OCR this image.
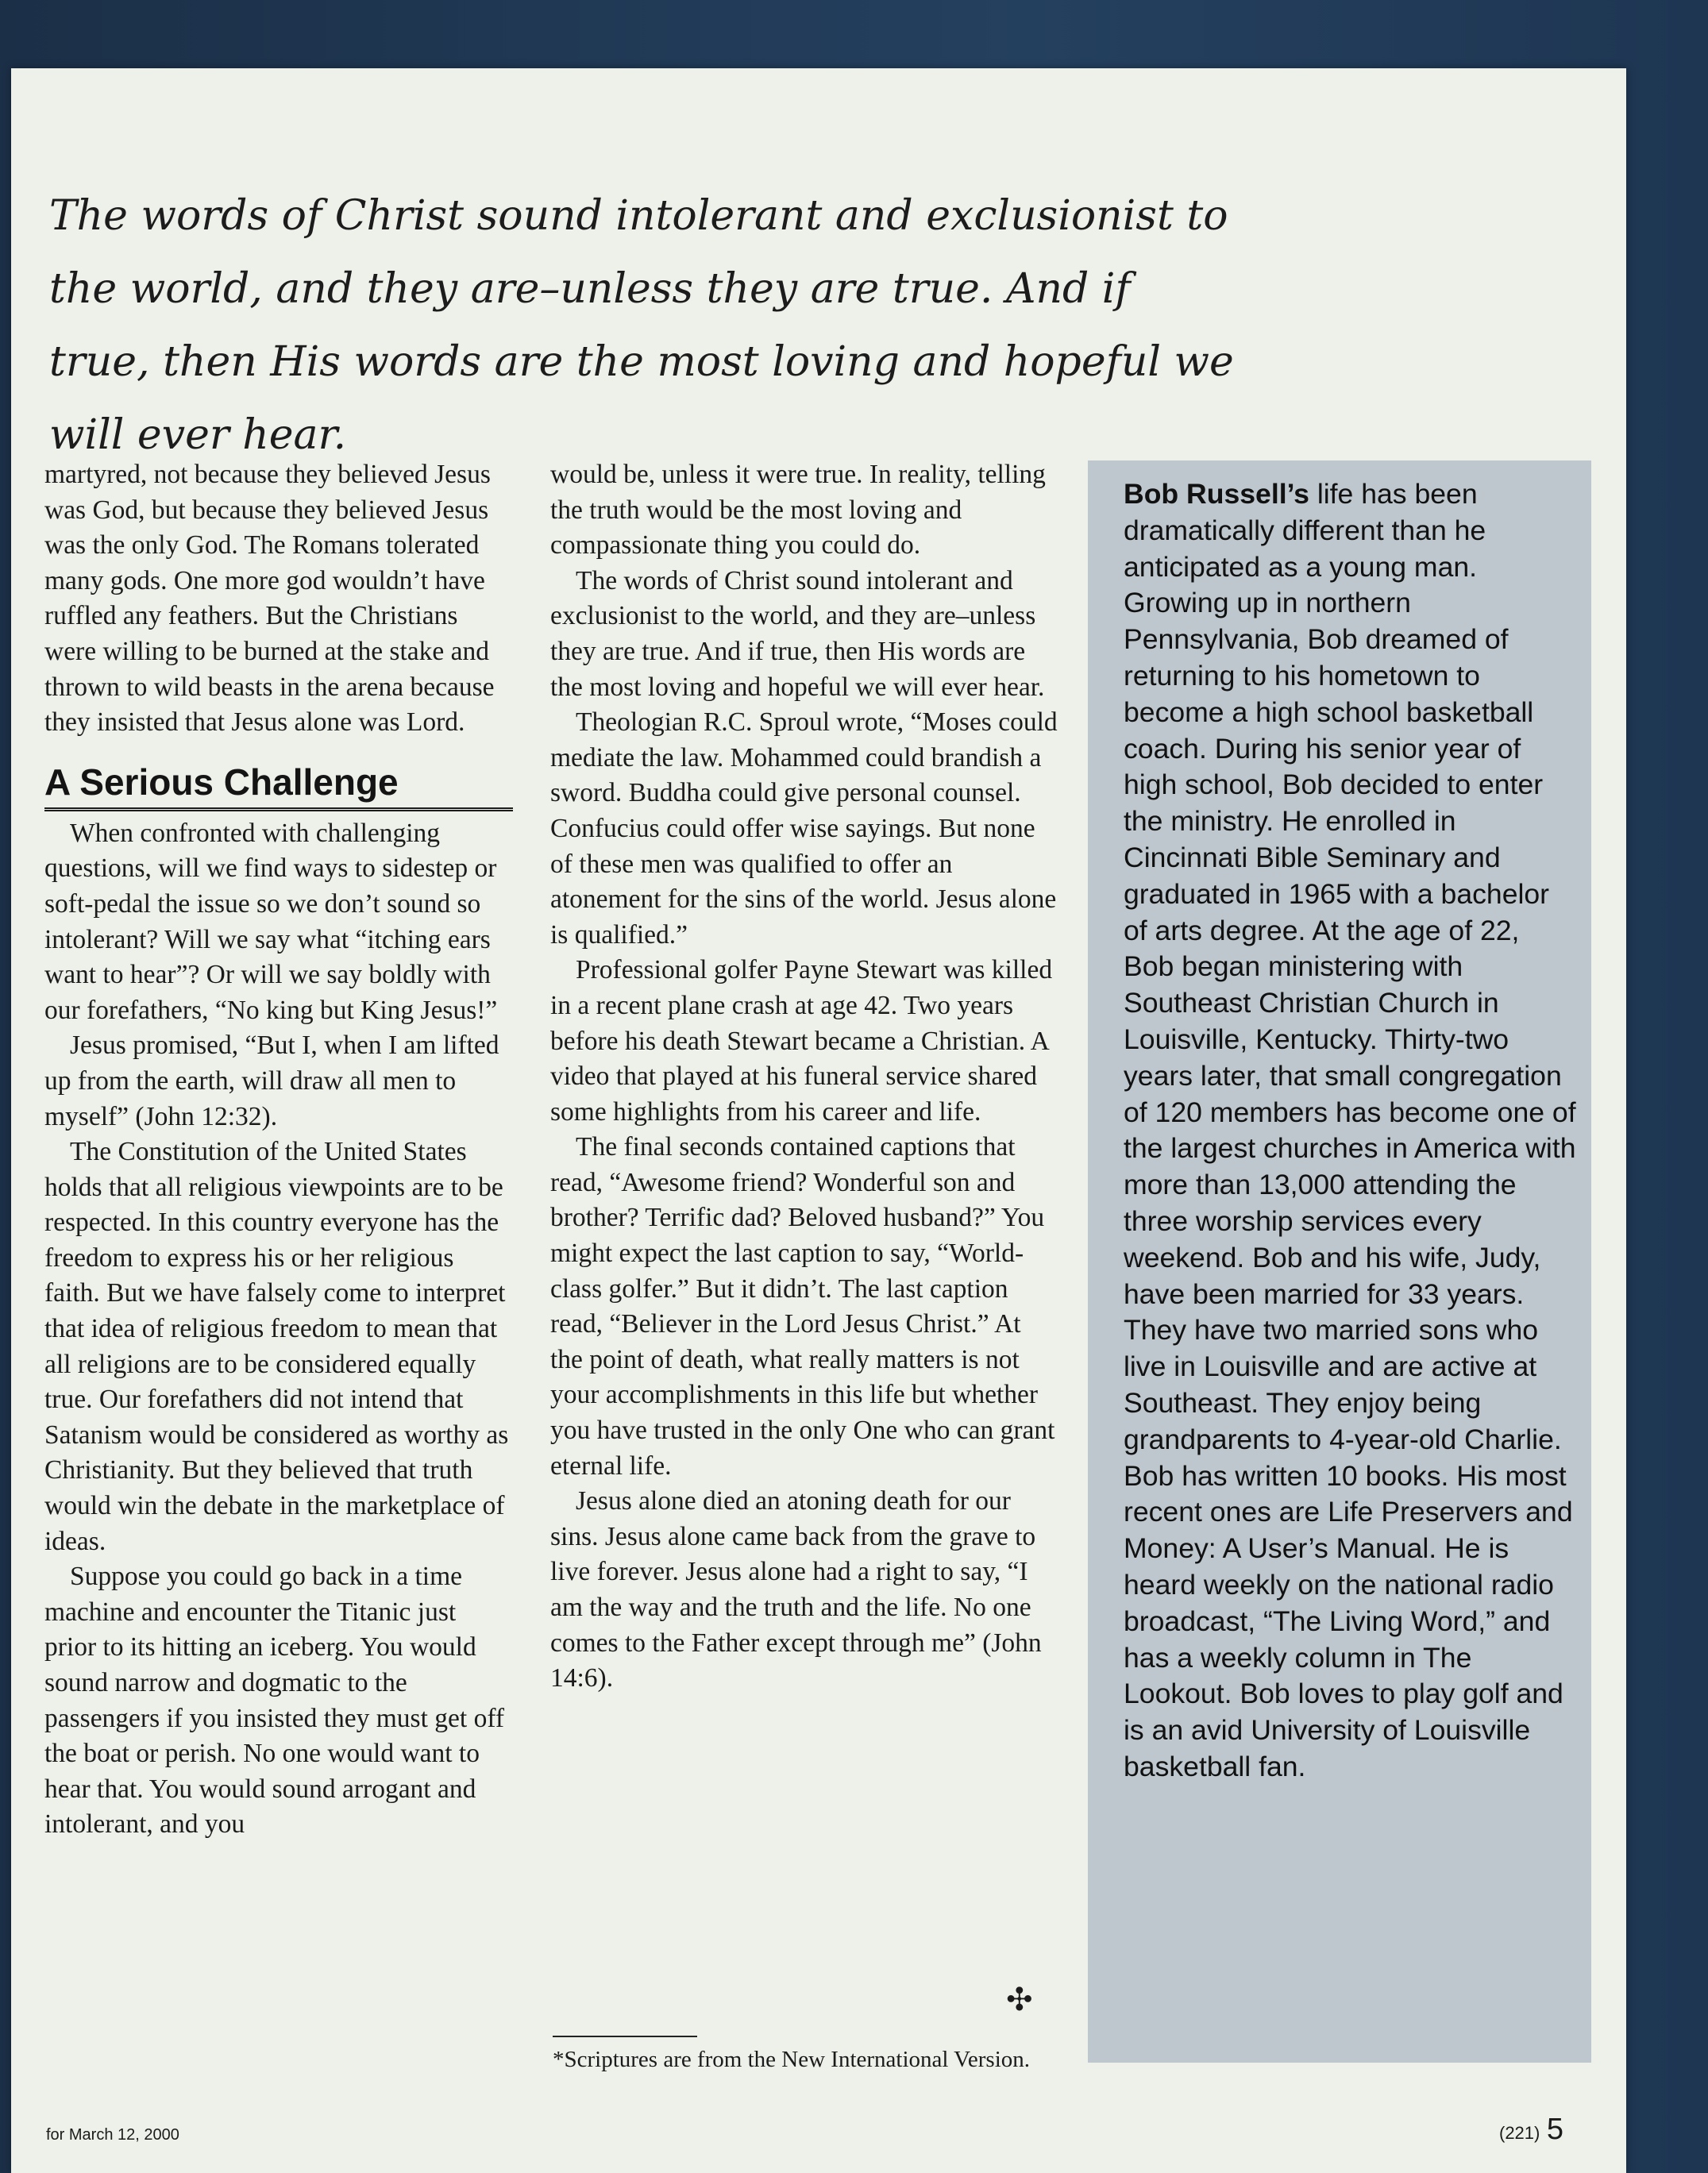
The words of Christ sound intolerant and exclusionist to the world, and they are–unless they are true. And if true, then His words are the most loving and hopeful we will ever hear.

martyred, not because they believed Jesus was God, but because they believed Jesus was the only God. The Romans tolerated many gods. One more god wouldn’t have ruffled any feathers. But the Christians were willing to be burned at the stake and thrown to wild beasts in the arena because they insisted that Jesus alone was Lord.

A Serious Challenge

When confronted with challenging questions, will we find ways to sidestep or soft-pedal the issue so we don’t sound so intolerant? Will we say what “itching ears want to hear”? Or will we say boldly with our forefathers, “No king but King Jesus!”

Jesus promised, “But I, when I am lifted up from the earth, will draw all men to myself” (John 12:32).

The Constitution of the United States holds that all religious viewpoints are to be respected. In this country everyone has the freedom to express his or her religious faith. But we have falsely come to interpret that idea of religious freedom to mean that all religions are to be considered equally true. Our forefathers did not intend that Satanism would be considered as worthy as Christianity. But they believed that truth would win the debate in the marketplace of ideas.

Suppose you could go back in a time machine and encounter the Titanic just prior to its hitting an iceberg. You would sound narrow and dogmatic to the passengers if you insisted they must get off the boat or perish. No one would want to hear that. You would sound arrogant and intolerant, and you

would be, unless it were true. In reality, telling the truth would be the most loving and compassionate thing you could do.

The words of Christ sound intolerant and exclusionist to the world, and they are–unless they are true. And if true, then His words are the most loving and hopeful we will ever hear.

Theologian R.C. Sproul wrote, “Moses could mediate the law. Mohammed could brandish a sword. Buddha could give personal counsel. Confucius could offer wise sayings. But none of these men was qualified to offer an atonement for the sins of the world. Jesus alone is qualified.”

Professional golfer Payne Stewart was killed in a recent plane crash at age 42. Two years before his death Stewart became a Christian. A video that played at his funeral service shared some highlights from his career and life.

The final seconds contained captions that read, “Awesome friend? Wonderful son and brother? Terrific dad? Beloved husband?” You might expect the last caption to say, “World-class golfer.” But it didn’t. The last caption read, “Believer in the Lord Jesus Christ.” At the point of death, what really matters is not your accomplishments in this life but whether you have trusted in the only One who can grant eternal life.

Jesus alone died an atoning death for our sins. Jesus alone came back from the grave to live forever. Jesus alone had a right to say, “I am the way and the truth and the life. No one comes to the Father except through me” (John 14:6).

✣
*Scriptures are from the New International Version.
Bob Russell’s life has been dramatically different than he anticipated as a young man. Growing up in northern Pennsylvania, Bob dreamed of returning to his hometown to become a high school basketball coach. During his senior year of high school, Bob decided to enter the ministry. He enrolled in Cincinnati Bible Seminary and graduated in 1965 with a bachelor of arts degree. At the age of 22, Bob began ministering with Southeast Christian Church in Louisville, Kentucky. Thirty-two years later, that small congregation of 120 members has become one of the largest churches in America with more than 13,000 attending the three worship services every weekend. Bob and his wife, Judy, have been married for 33 years. They have two married sons who live in Louisville and are active at Southeast. They enjoy being grandparents to 4-year-old Charlie. Bob has written 10 books. His most recent ones are Life Preservers and Money: A User’s Manual. He is heard weekly on the national radio broadcast, “The Living Word,” and has a weekly column in The Lookout. Bob loves to play golf and is an avid University of Louisville basketball fan.
for March 12, 2000	(221) 5
